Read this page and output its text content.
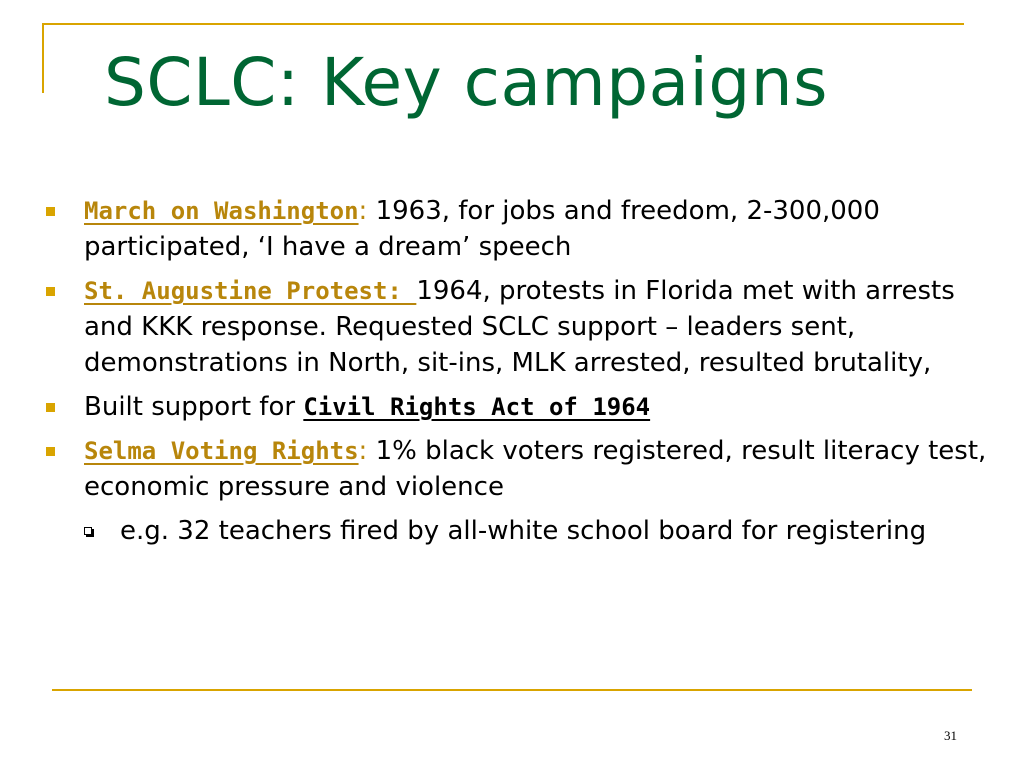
SCLC: Key campaigns
March on Washington: 1963, for jobs and freedom, 2-300,000 participated, ‘I have a dream’ speech
St. Augustine Protest: 1964, protests in Florida met with arrests and KKK response. Requested SCLC support – leaders sent, demonstrations in North, sit-ins, MLK arrested, resulted brutality,
Built support for Civil Rights Act of 1964
Selma Voting Rights: 1% black voters registered, result literacy test, economic pressure and violence
e.g. 32 teachers fired by all-white school board for registering
31
